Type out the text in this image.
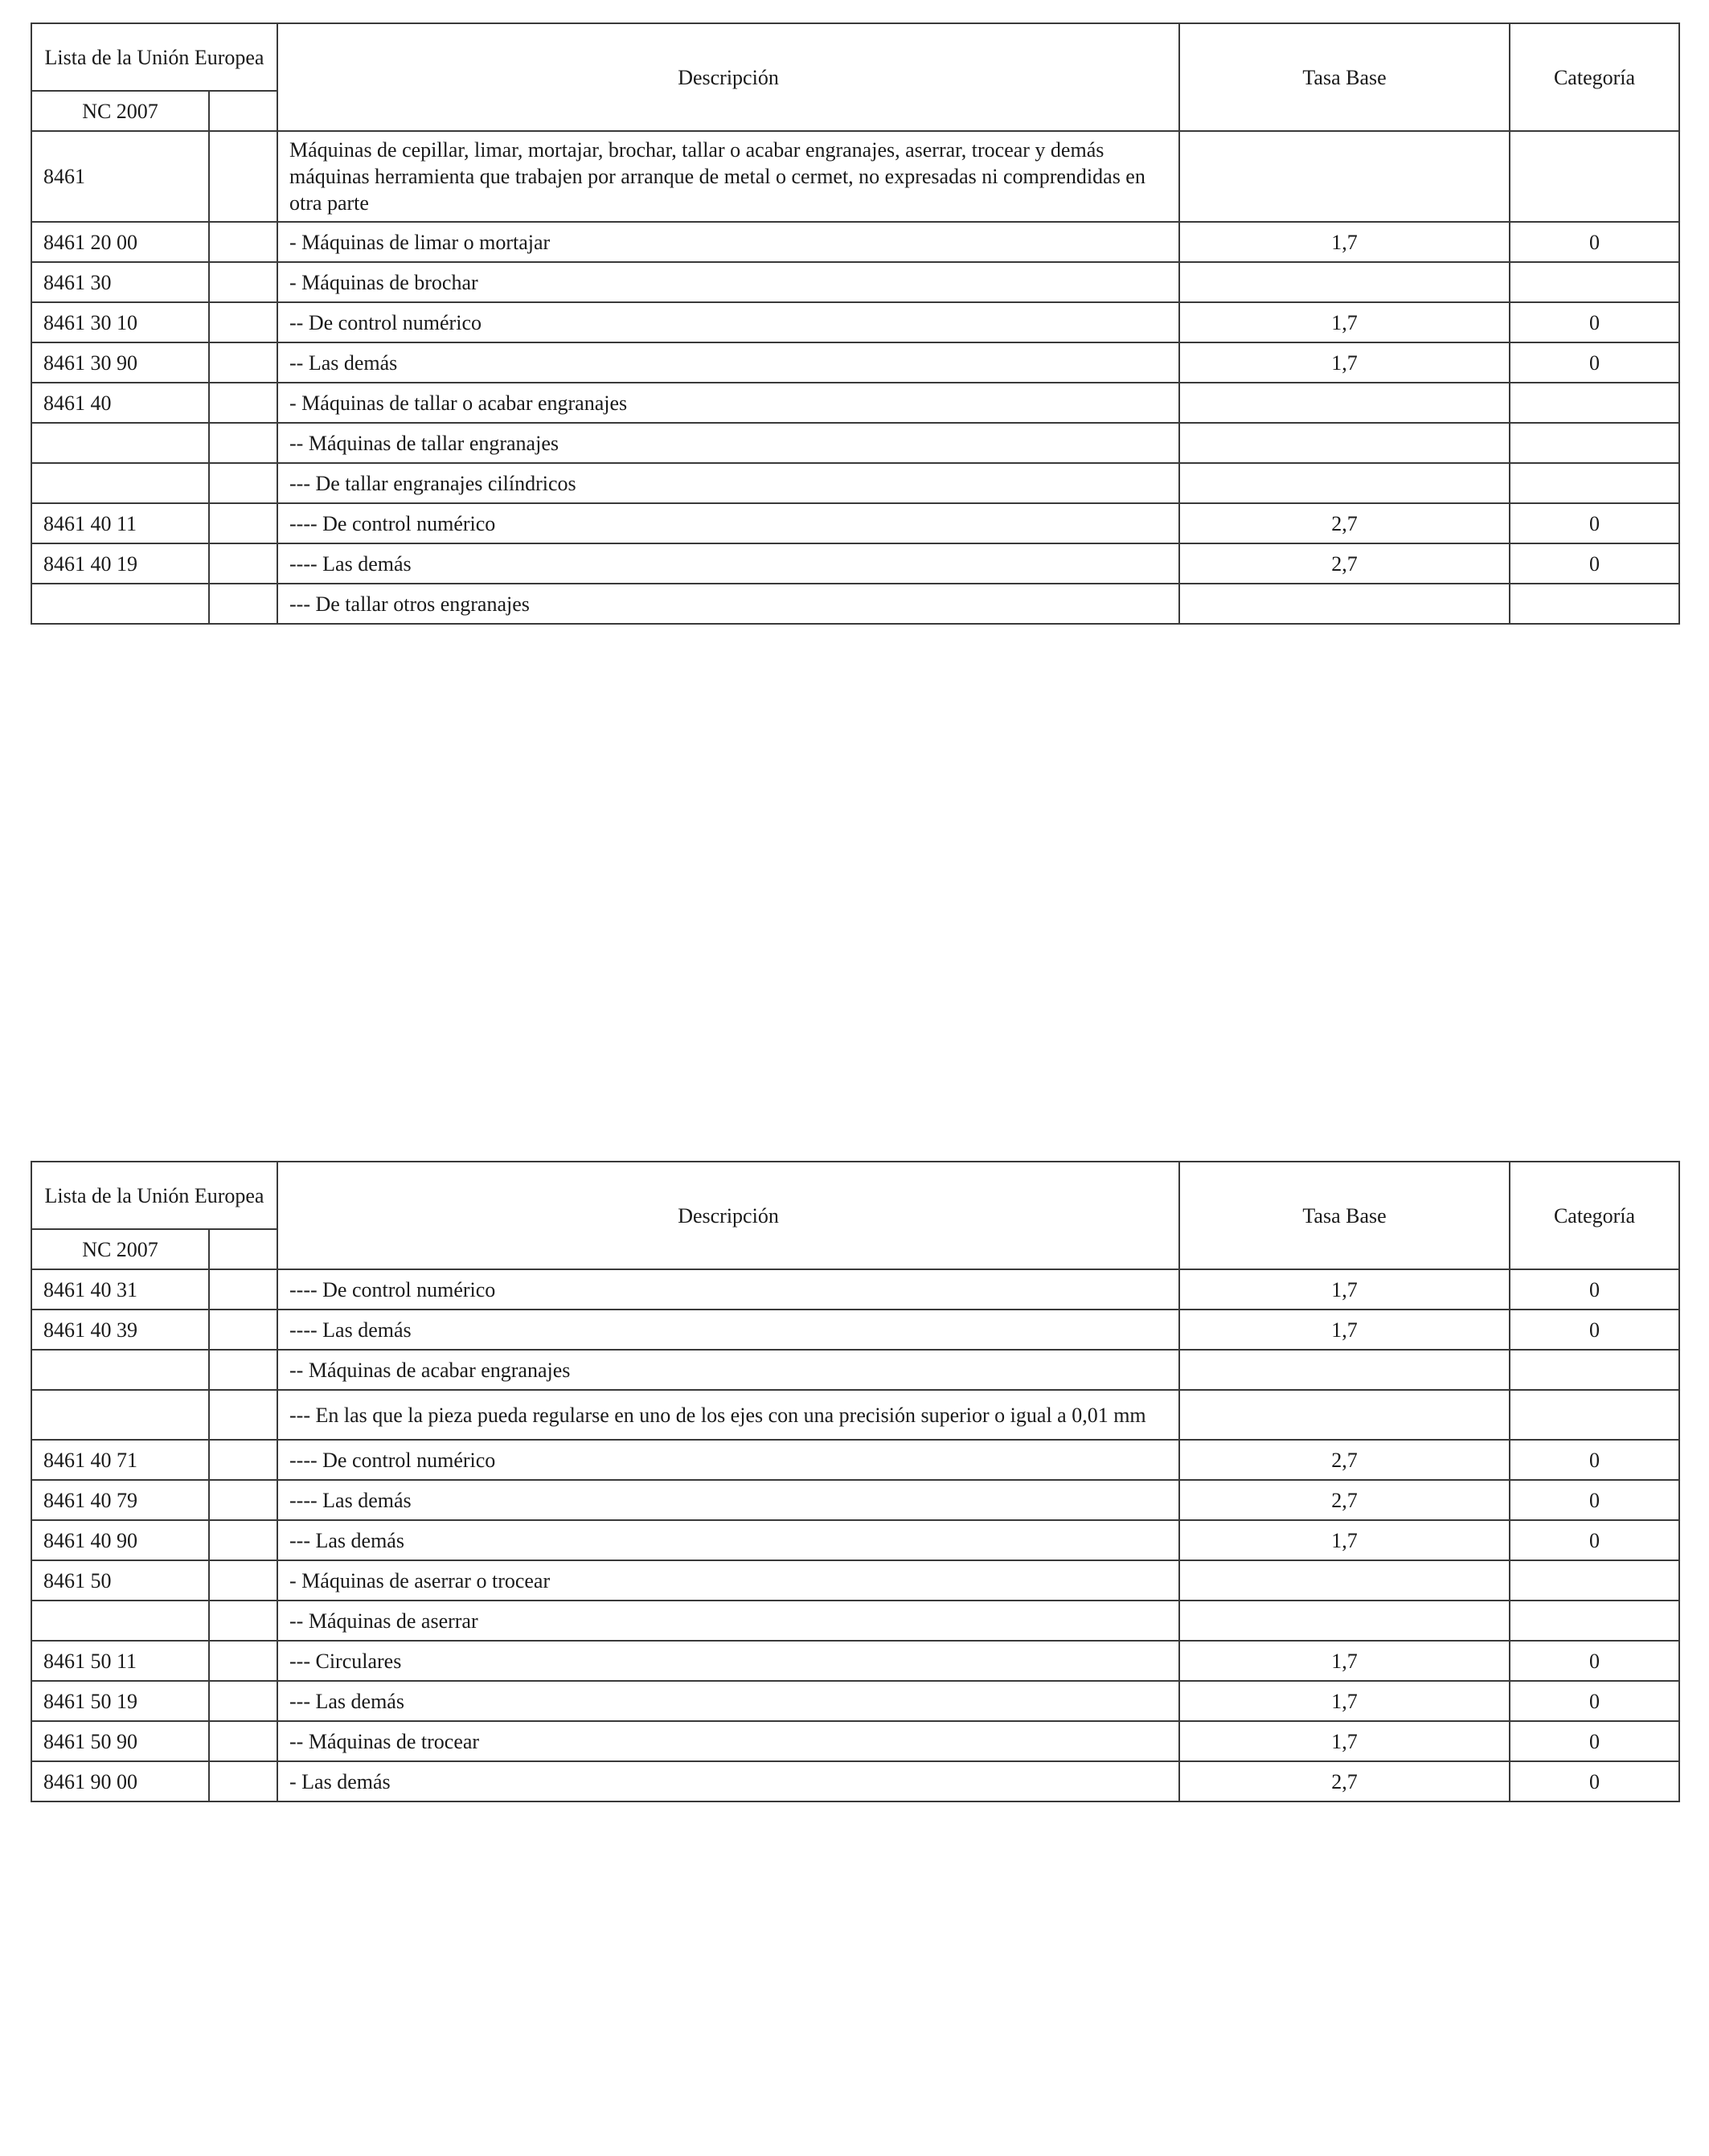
Lista de la Unión Europea		Descripción	Tasa Base	Categoría
NC 2007				
8461		Máquinas de cepillar, limar, mortajar, brochar, tallar o acabar engranajes, aserrar, trocear y demás máquinas herramienta que trabajen por arranque de metal o cermet, no expresadas ni comprendidas en otra parte		
8461 20 00		- Máquinas de limar o mortajar	1,7	0
8461 30		- Máquinas de brochar		
8461 30 10		-- De control numérico	1,7	0
8461 30 90		-- Las demás	1,7	0
8461 40		- Máquinas de tallar o acabar engranajes		
		-- Máquinas de tallar engranajes		
		--- De tallar engranajes cilíndricos		
8461 40 11		---- De control numérico	2,7	0
8461 40 19		---- Las demás	2,7	0
		--- De tallar otros engranajes		
Lista de la Unión Europea		Descripción	Tasa Base	Categoría
NC 2007				
8461 40 31		---- De control numérico	1,7	0
8461 40 39		---- Las demás	1,7	0
		-- Máquinas de acabar engranajes		
		--- En las que la pieza pueda regularse en uno de los ejes con una precisión superior o igual a 0,01 mm		
8461 40 71		---- De control numérico	2,7	0
8461 40 79		---- Las demás	2,7	0
8461 40 90		--- Las demás	1,7	0
8461 50		- Máquinas de aserrar o trocear		
		-- Máquinas de aserrar		
8461 50 11		--- Circulares	1,7	0
8461 50 19		--- Las demás	1,7	0
8461 50 90		-- Máquinas de trocear	1,7	0
8461 90 00		- Las demás	2,7	0
